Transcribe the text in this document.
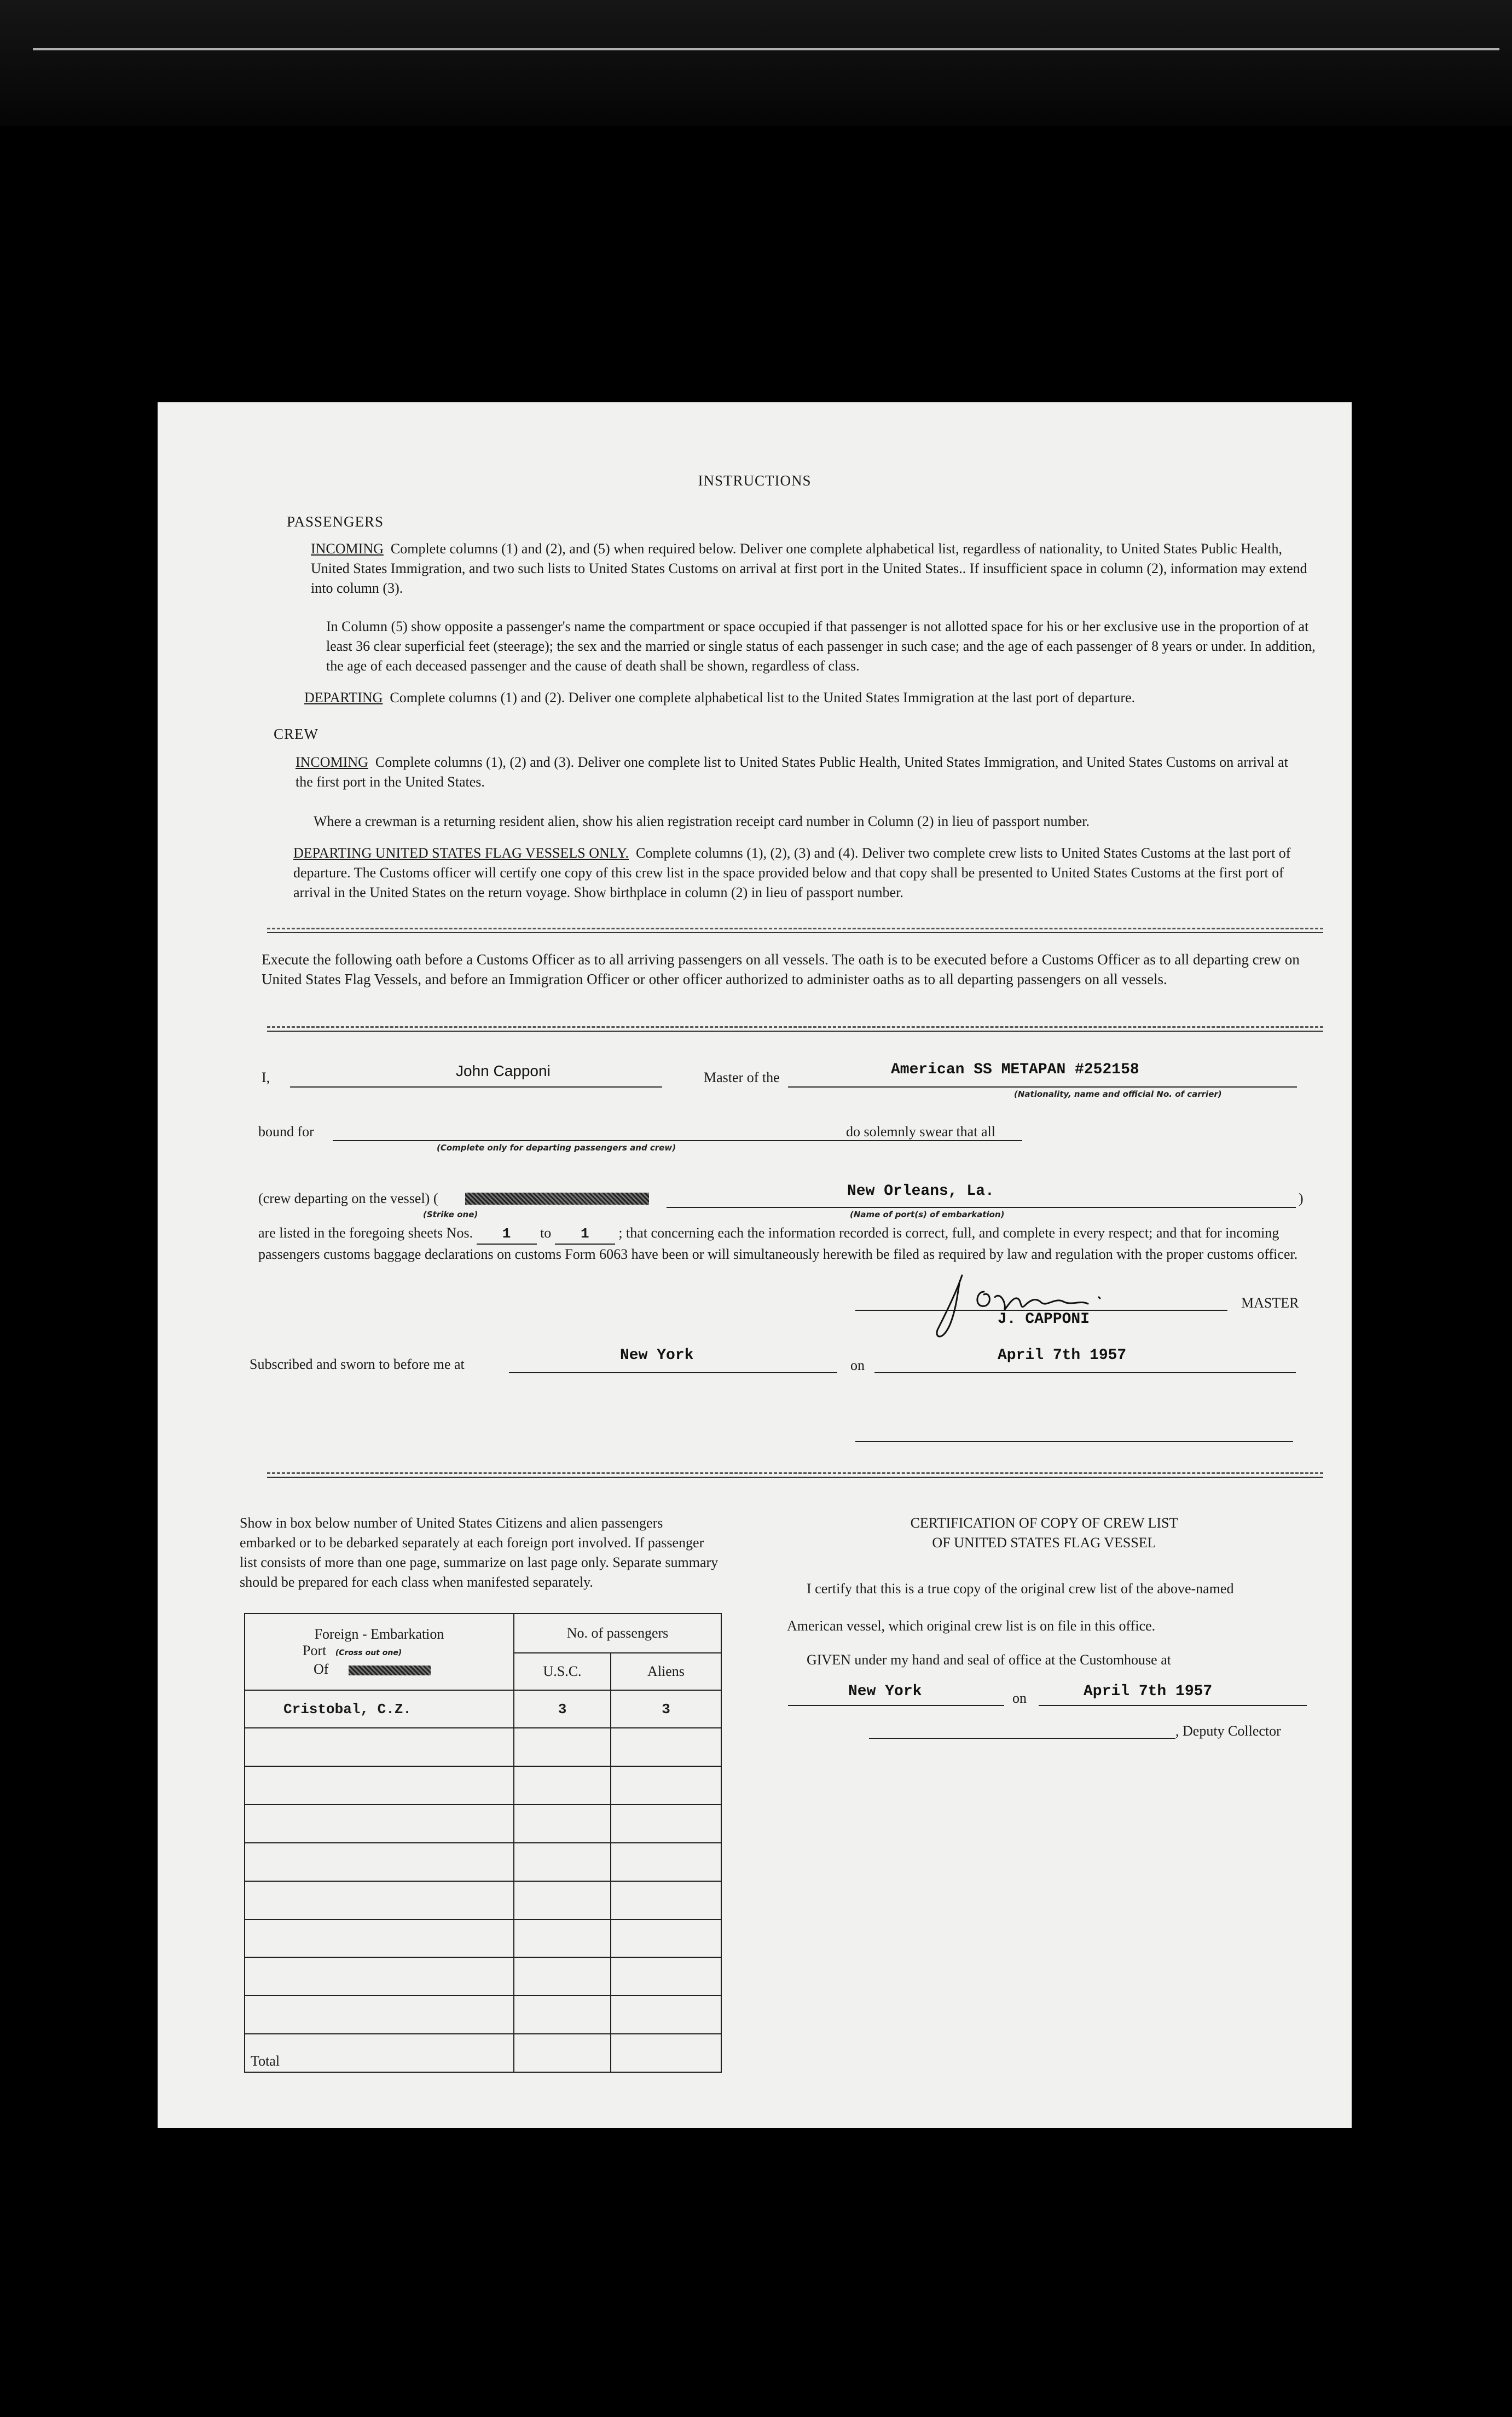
INSTRUCTIONS
PASSENGERS
INCOMING Complete columns (1) and (2), and (5) when required below. Deliver one complete alphabetical list, regardless of nationality, to United States Public Health, United States Immigration, and two such lists to United States Customs on arrival at first port in the United States.. If insufficient space in column (2), information may extend into column (3).
In Column (5) show opposite a passenger's name the compartment or space occupied if that passenger is not allotted space for his or her exclusive use in the proportion of at least 36 clear superficial feet (steerage); the sex and the married or single status of each passenger in such case; and the age of each passenger of 8 years or under. In addition, the age of each deceased passenger and the cause of death shall be shown, regardless of class.
DEPARTING Complete columns (1) and (2). Deliver one complete alphabetical list to the United States Immigration at the last port of departure.
CREW
INCOMING Complete columns (1), (2) and (3). Deliver one complete list to United States Public Health, United States Immigration, and United States Customs on arrival at the first port in the United States.
Where a crewman is a returning resident alien, show his alien registration receipt card number in Column (2) in lieu of passport number.
DEPARTING UNITED STATES FLAG VESSELS ONLY. Complete columns (1), (2), (3) and (4). Deliver two complete crew lists to United States Customs at the last port of departure. The Customs officer will certify one copy of this crew list in the space provided below and that copy shall be presented to United States Customs at the first port of arrival in the United States on the return voyage. Show birthplace in column (2) in lieu of passport number.
Execute the following oath before a Customs Officer as to all arriving passengers on all vessels. The oath is to be executed before a Customs Officer as to all departing crew on United States Flag Vessels, and before an Immigration Officer or other officer authorized to administer oaths as to all departing passengers on all vessels.
I,	John Capponi	Master of the	American SS METAPAN #252158
(Nationality, name and official No. of carrier)
bound for
(Complete only for departing passengers and crew)
do solemnly swear that all
(crew departing on the vessel) (
(Strike one)
New Orleans, La.
(Name of port(s) of embarkation)
)
are listed in the foregoing sheets Nos. 1 to 1 ; that concerning each the information recorded is correct, full, and complete in every respect; and that for incoming passengers customs baggage declarations on customs Form 6063 have been or will simultaneously herewith be filed as required by law and regulation with the proper customs officer.
J. CAPPONI
MASTER
Subscribed and sworn to before me at
New York
on
April 7th 1957
Show in box below number of United States Citizens and alien passengers embarked or to be debarked separately at each foreign port involved. If passenger list consists of more than one page, summarize on last page only. Separate summary should be prepared for each class when manifested separately.
Foreign - Embarkation
Port (Cross out one)
Of	No. of passengers	
	U.S.C.	Aliens
Cristobal, C.Z.	3	3

Total		
CERTIFICATION OF COPY OF CREW LIST
OF UNITED STATES FLAG VESSEL
I certify that this is a true copy of the original crew list of the above-named
American vessel, which original crew list is on file in this office.
GIVEN under my hand and seal of office at the Customhouse at
New York	on	April 7th 1957
, Deputy Collector
